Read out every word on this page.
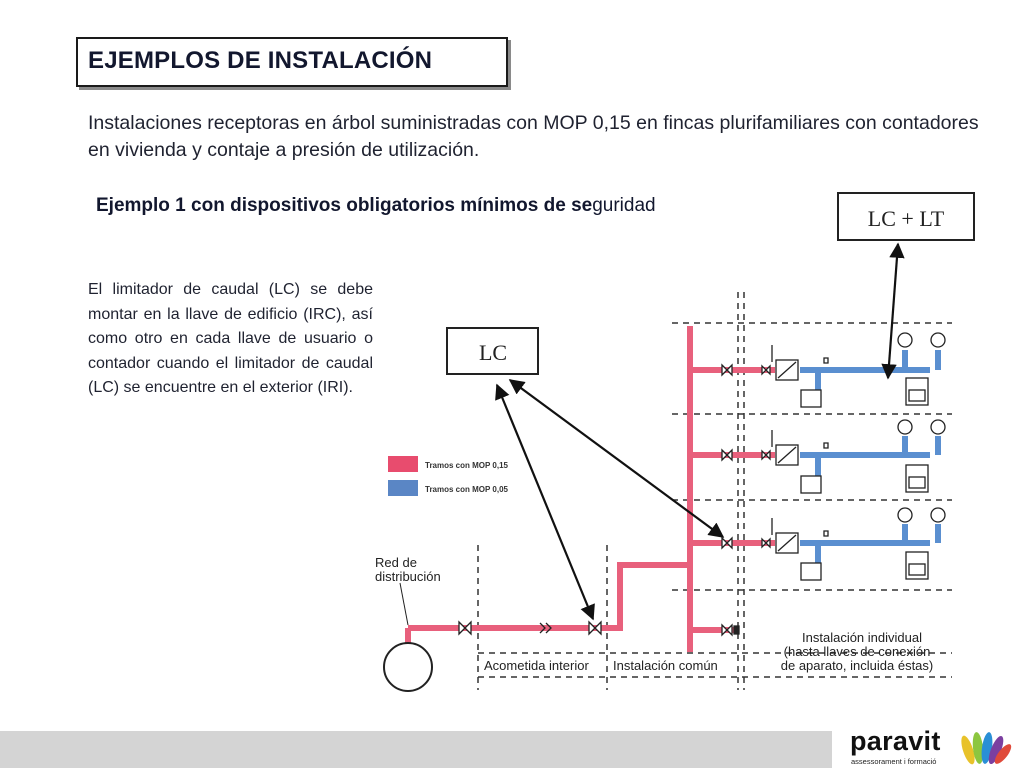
EJEMPLOS DE INSTALACIÓN
Instalaciones receptoras en árbol suministradas con MOP 0,15 en fincas plurifamiliares con contadores en vivienda y contaje a presión de utilización.
Ejemplo 1 con dispositivos obligatorios mínimos de seguridad
El limitador de caudal (LC) se debe montar en la llave de edificio (IRC), así como otro en cada llave de usuario o contador cuando el limitador de caudal (LC) se encuentre en el exterior (IRI).
Tramos con MOP 0,15
Tramos con MOP 0,05
Red de
distribución
Acometida interior Instalación común
Instalación individual
(hasta llaves de conexión
de aparato, incluida éstas)
LC + LT
LC
paravit
assessorament i formació
